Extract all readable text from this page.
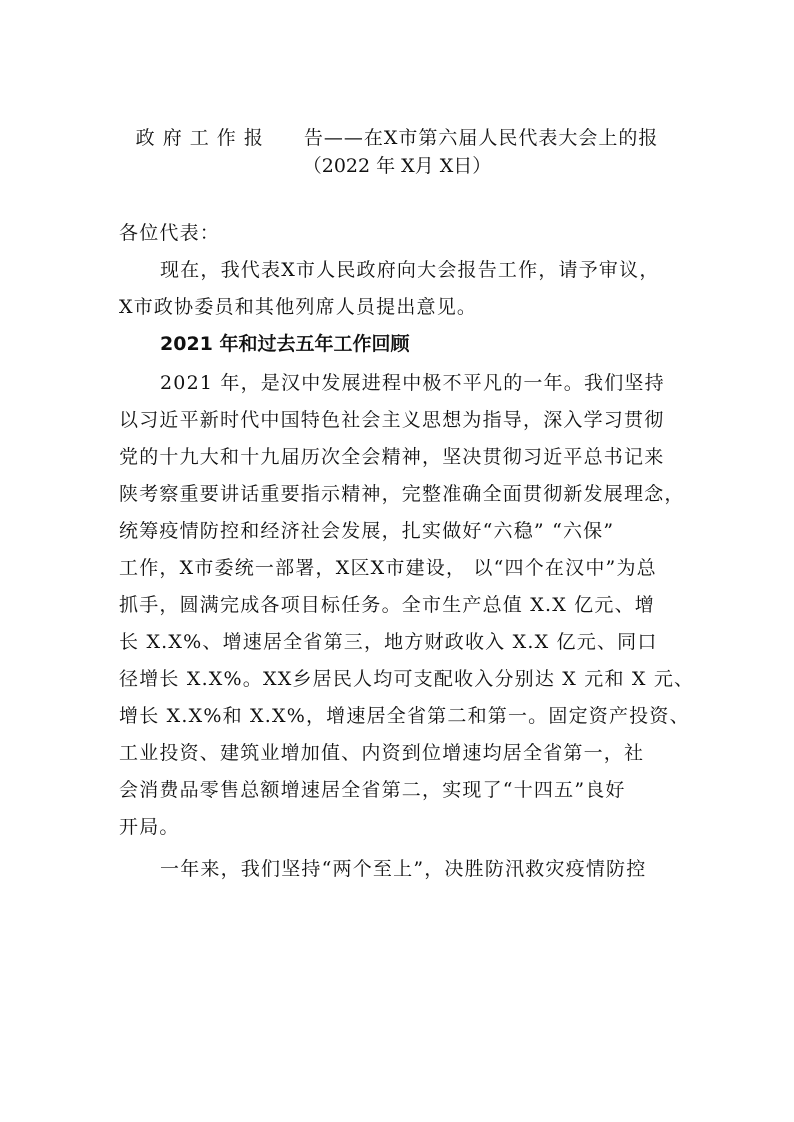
政 府 工 作 报　　告——在X市第六届人民代表大会上的报
（2022 年 X月 X日）
各位代表：
现在，我代表X市人民政府向大会报告工作，请予审议，
X市政协委员和其他列席人员提出意见。
2021 年和过去五年工作回顾
2021 年，是汉中发展进程中极不平凡的一年。我们坚持
以习近平新时代中国特色社会主义思想为指导，深入学习贯彻
党的十九大和十九届历次全会精神，坚决贯彻习近平总书记来
陕考察重要讲话重要指示精神，完整准确全面贯彻新发展理念，
统筹疫情防控和经济社会发展，扎实做好“六稳” “六保”
工作，X市委统一部署，X区X市建设， 以“四个在汉中”为总
抓手，圆满完成各项目标任务。全市生产总值 X.X 亿元、增
长 X.X%、增速居全省第三，地方财政收入 X.X 亿元、同口
径增长 X.X%。XX乡居民人均可支配收入分别达 X 元和 X 元、
增长 X.X%和 X.X%，增速居全省第二和第一。固定资产投资、
工业投资、建筑业增加值、内资到位增速均居全省第一，社
会消费品零售总额增速居全省第二，实现了“十四五”良好
开局。
一年来，我们坚持“两个至上”，决胜防汛救灾疫情防控
